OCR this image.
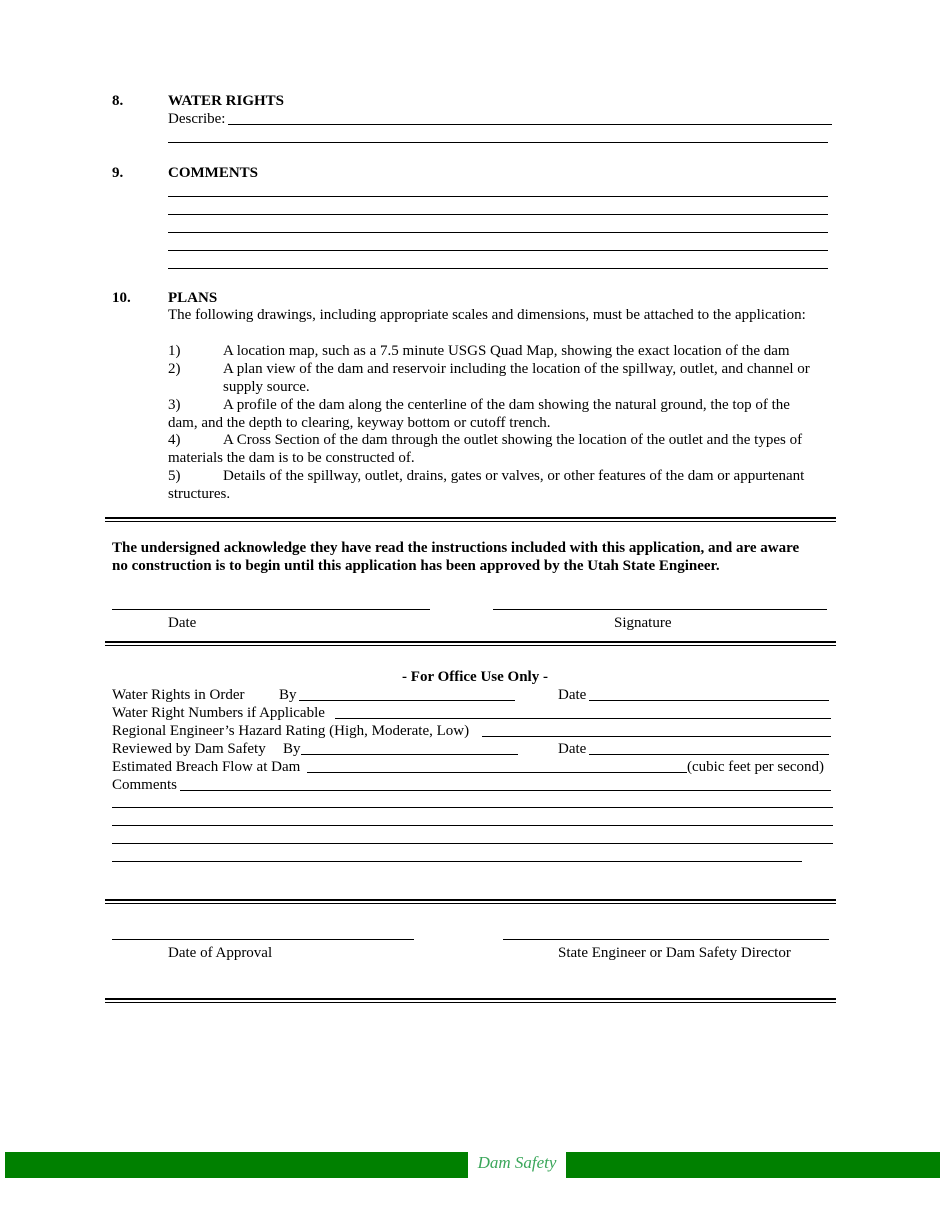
8.	WATER RIGHTS
Describe:
9.	COMMENTS
10. PLANS
The following drawings, including appropriate scales and dimensions, must be attached to the application:
1)	A location map, such as a 7.5 minute USGS Quad Map, showing the exact location of the dam
2)	A plan view of the dam and reservoir including the location of the spillway, outlet, and channel or
supply source.
3)	A profile of the dam along the centerline of the dam showing the natural ground, the top of the
dam, and the depth to clearing, keyway bottom or cutoff trench.
4)	A Cross Section of the dam through the outlet showing the location of the outlet and the types of
materials the dam is to be constructed of.
5)	Details of the spillway, outlet, drains, gates or valves, or other features of the dam or appurtenant
structures.
The undersigned acknowledge they have read the instructions included with this application, and are aware
no construction is to begin until this application has been approved by the Utah State Engineer.
Date	Signature
- For Office Use Only -
Water Rights in Order By	Date
Water Right Numbers if Applicable
Regional Engineer’s Hazard Rating (High, Moderate, Low)
Reviewed by Dam Safety By	Date
Estimated Breach Flow at Dam	(cubic feet per second)
Comments
Date of Approval	State Engineer or Dam Safety Director
Dam Safety
